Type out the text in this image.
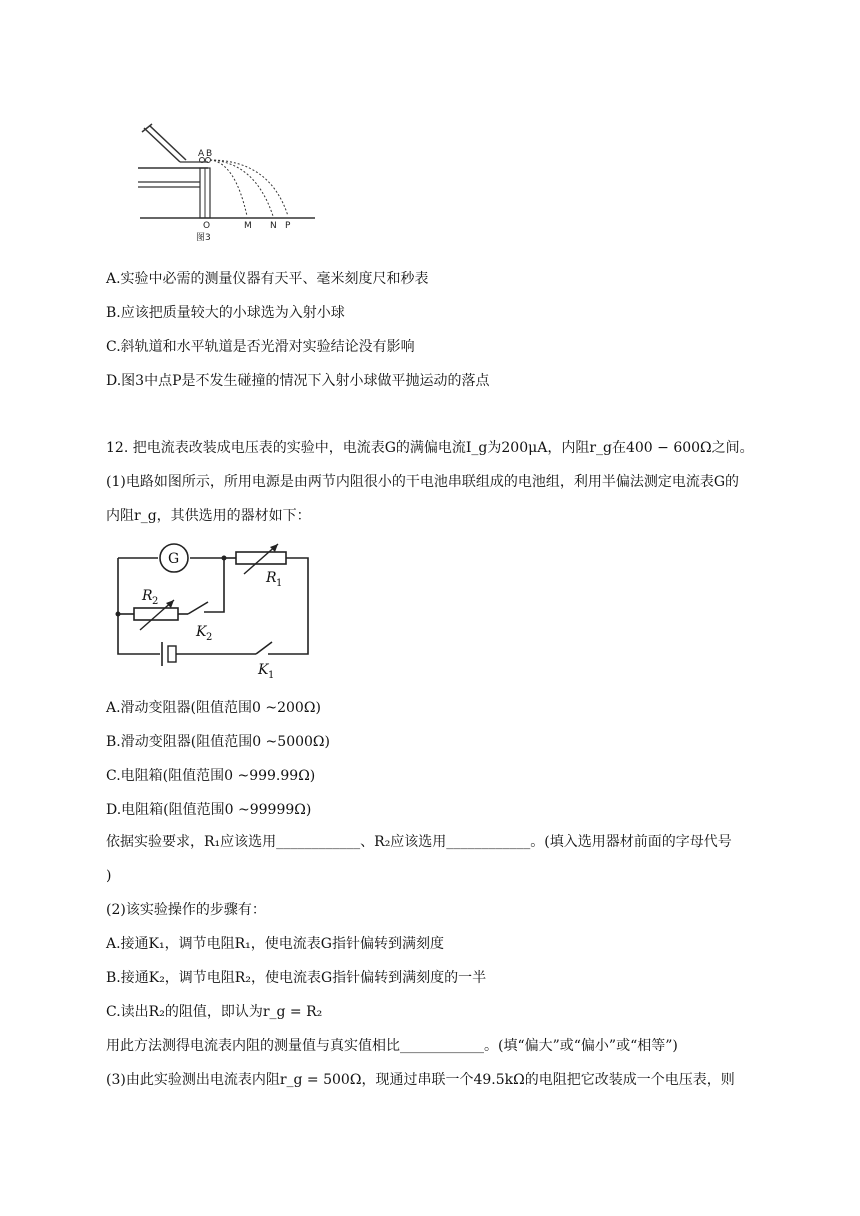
A B
O	M N P
图3
A.实验中必需的测量仪器有天平、毫米刻度尺和秒表
B.应该把质量较大的小球选为入射小球
C.斜轨道和水平轨道是否光滑对实验结论没有影响
D.图3中点P是不发生碰撞的情况下入射小球做平抛运动的落点
12. 把电流表改装成电压表的实验中，电流表G的满偏电流I_g为200μA，内阻r_g在400 − 600Ω之间。
(1)电路如图所示，所用电源是由两节内阻很小的干电池串联组成的电池组，利用半偏法测定电流表G的
内阻r_g，其供选用的器材如下：
G
R 1
R 2
K 2
K 1
A.滑动变阻器(阻值范围0 ~200Ω)
B.滑动变阻器(阻值范围0 ~5000Ω)
C.电阻箱(阻值范围0 ~999.99Ω)
D.电阻箱(阻值范围0 ~99999Ω)
依据实验要求，R₁应该选用____________、R₂应该选用____________。(填入选用器材前面的字母代号
)
(2)该实验操作的步骤有：
A.接通K₁，调节电阻R₁，使电流表G指针偏转到满刻度
B.接通K₂，调节电阻R₂，使电流表G指针偏转到满刻度的一半
C.读出R₂的阻值，即认为r_g = R₂
用此方法测得电流表内阻的测量值与真实值相比____________。(填“偏大”或“偏小”或“相等”)
(3)由此实验测出电流表内阻r_g = 500Ω，现通过串联一个49.5kΩ的电阻把它改装成一个电压表，则
